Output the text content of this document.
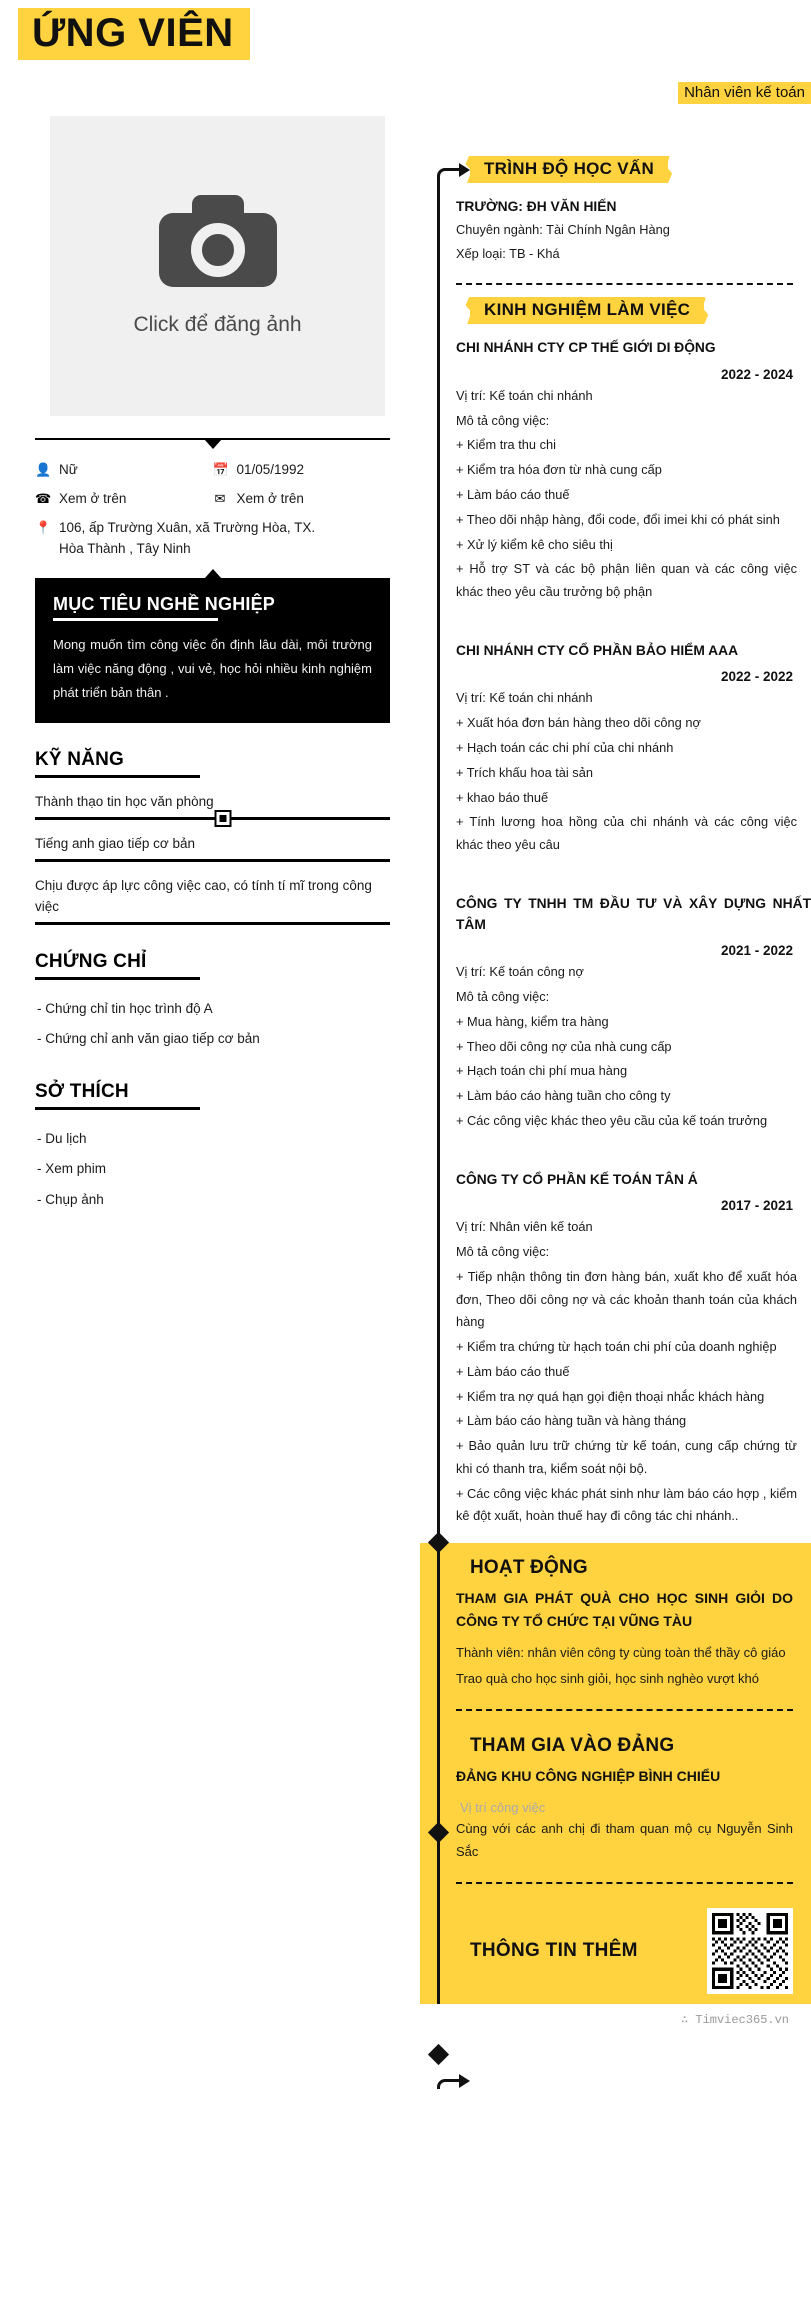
ỨNG VIÊN
Nhân viên kế toán
Click để đăng ảnh
👤 Nữ	📅 01/05/1992
☎ Xem ở trên	✉ Xem ở trên
📍 106, ấp Trường Xuân, xã Trường Hòa, TX.
Hòa Thành , Tây Ninh
MỤC TIÊU NGHỀ NGHIỆP

Mong muốn tìm công việc ổn định lâu dài, môi trường làm việc năng động , vui vẻ, học hỏi nhiều kinh nghiệm phát triển bản thân .

KỸ NĂNG
Thành thạo tin học văn phòng
Tiếng anh giao tiếp cơ bản
Chịu được áp lực công việc cao, có tính tí mĩ trong công việc
CHỨNG CHỈ
- Chứng chỉ tin học trình độ A
- Chứng chỉ anh văn giao tiếp cơ bản
SỞ THÍCH
- Du lịch
- Xem phim
- Chụp ảnh
TRÌNH ĐỘ HỌC VẤN
TRƯỜNG: ĐH VĂN HIẾN
Chuyên ngành: Tài Chính Ngân Hàng
Xếp loại: TB - Khá
KINH NGHIỆM LÀM VIỆC
CHI NHÁNH CTY CP THẾ GIỚI DI ĐỘNG
2022 - 2024
Vị trí: Kế toán chi nhánh
Mô tả công việc:
+ Kiểm tra thu chi
+ Kiểm tra hóa đơn từ nhà cung cấp
+ Làm báo cáo thuế
+ Theo dõi nhập hàng, đổi code, đổi imei khi có phát sinh
+ Xử lý kiểm kê cho siêu thị
+ Hỗ trợ ST và các bộ phận liên quan và các công việc khác theo yêu cầu trưởng bộ phận
CHI NHÁNH CTY CỔ PHẦN BẢO HIỂM AAA
2022 - 2022
Vị trí: Kế toán chi nhánh
+ Xuất hóa đơn bán hàng theo dõi công nợ
+ Hạch toán các chi phí của chi nhánh
+ Trích khấu hoa tài sản
+ khao báo thuế
+ Tính lương hoa hồng của chi nhánh và các công việc khác theo yêu câu
CÔNG TY TNHH TM ĐẦU TƯ VÀ XÂY DỰNG NHẤT TÂM
2021 - 2022
Vị trí: Kế toán công nợ
Mô tả công việc:
+ Mua hàng, kiểm tra hàng
+ Theo dõi công nợ của nhà cung cấp
+ Hạch toán chi phí mua hàng
+ Làm báo cáo hàng tuần cho công ty
+ Các công việc khác theo yêu cầu của kế toán trưởng
CÔNG TY CỔ PHẦN KẾ TOÁN TÂN Á
2017 - 2021
Vị trí: Nhân viên kế toán
Mô tả công việc:
+ Tiếp nhận thông tin đơn hàng bán, xuất kho để xuất hóa đơn, Theo dõi công nợ và các khoản thanh toán của khách hàng
+ Kiểm tra chứng từ hạch toán chi phí của doanh nghiệp
+ Làm báo cáo thuế
+ Kiểm tra nợ quá hạn gọi điện thoại nhắc khách hàng
+ Làm báo cáo hàng tuần và hàng tháng
+ Bảo quản lưu trữ chứng từ kế toán, cung cấp chứng từ khi có thanh tra, kiểm soát nội bộ.
+ Các công việc khác phát sinh như làm báo cáo hợp , kiểm kê đột xuất, hoàn thuế hay đi công tác chi nhánh..
HOẠT ĐỘNG
THAM GIA PHÁT QUÀ CHO HỌC SINH GIỎI DO CÔNG TY TỔ CHỨC TẠI VŨNG TÀU
Thành viên: nhân viên công ty cùng toàn thể thầy cô giáo
Trao quà cho học sinh giỏi, học sinh nghèo vượt khó
THAM GIA VÀO ĐẢNG
ĐẢNG KHU CÔNG NGHIỆP BÌNH CHIỂU
Vị trí công việc
Cùng với các anh chị đi tham quan mộ cụ Nguyễn Sinh Sắc
THÔNG TIN THÊM
∴ Timviec365.vn
